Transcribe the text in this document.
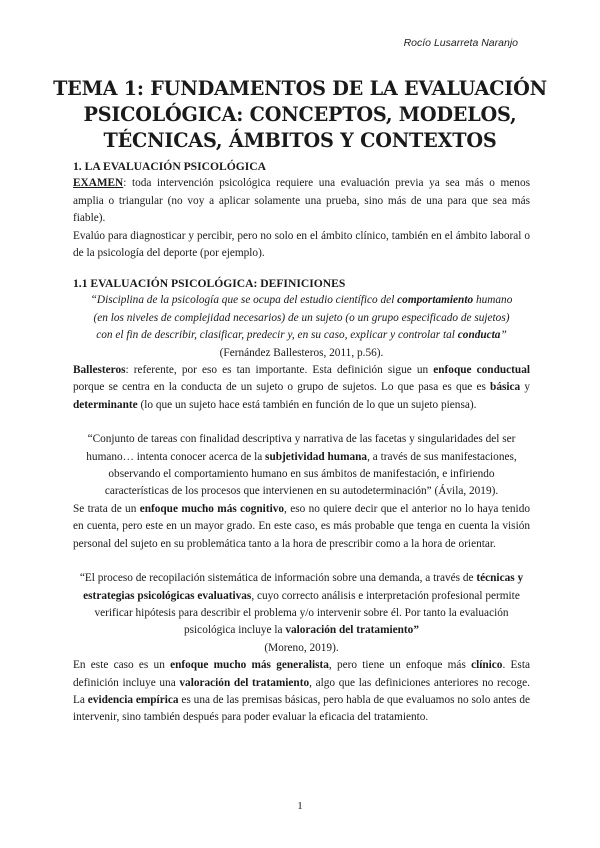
Rocío Lusarreta Naranjo
TEMA 1: FUNDAMENTOS DE LA EVALUACIÓN
PSICOLÓGICA: CONCEPTOS, MODELOS,
TÉCNICAS, ÁMBITOS Y CONTEXTOS

1. LA EVALUACIÓN PSICOLÓGICA

EXAMEN: toda intervención psicológica requiere una evaluación previa ya sea más o menos amplia o triangular (no voy a aplicar solamente una prueba, sino más de una para que sea más fiable).

Evalúo para diagnosticar y percibir, pero no solo en el ámbito clínico, también en el ámbito laboral o de la psicología del deporte (por ejemplo).

1.1 EVALUACIÓN PSICOLÓGICA: DEFINICIONES

“Disciplina de la psicología que se ocupa del estudio científico del comportamiento humano (en los niveles de complejidad necesarios) de un sujeto (o un grupo especificado de sujetos) con el fin de describir, clasificar, predecir y, en su caso, explicar y controlar tal conducta” (Fernández Ballesteros, 2011, p.56).

Ballesteros: referente, por eso es tan importante. Esta definición sigue un enfoque conductual porque se centra en la conducta de un sujeto o grupo de sujetos. Lo que pasa es que es básica y determinante (lo que un sujeto hace está también en función de lo que un sujeto piensa).

“Conjunto de tareas con finalidad descriptiva y narrativa de las facetas y singularidades del ser humano… intenta conocer acerca de la subjetividad humana, a través de sus manifestaciones, observando el comportamiento humano en sus ámbitos de manifestación, e infiriendo características de los procesos que intervienen en su autodeterminación” (Ávila, 2019).

Se trata de un enfoque mucho más cognitivo, eso no quiere decir que el anterior no lo haya tenido en cuenta, pero este en un mayor grado. En este caso, es más probable que tenga en cuenta la visión personal del sujeto en su problemática tanto a la hora de prescribir como a la hora de orientar.

“El proceso de recopilación sistemática de información sobre una demanda, a través de técnicas y estrategias psicológicas evaluativas, cuyo correcto análisis e interpretación profesional permite verificar hipótesis para describir el problema y/o intervenir sobre él. Por tanto la evaluación psicológica incluye la valoración del tratamiento”

(Moreno, 2019).

En este caso es un enfoque mucho más generalista, pero tiene un enfoque más clínico. Esta definición incluye una valoración del tratamiento, algo que las definiciones anteriores no recoge. La evidencia empírica es una de las premisas básicas, pero habla de que evaluamos no solo antes de intervenir, sino también después para poder evaluar la eficacia del tratamiento.

1
